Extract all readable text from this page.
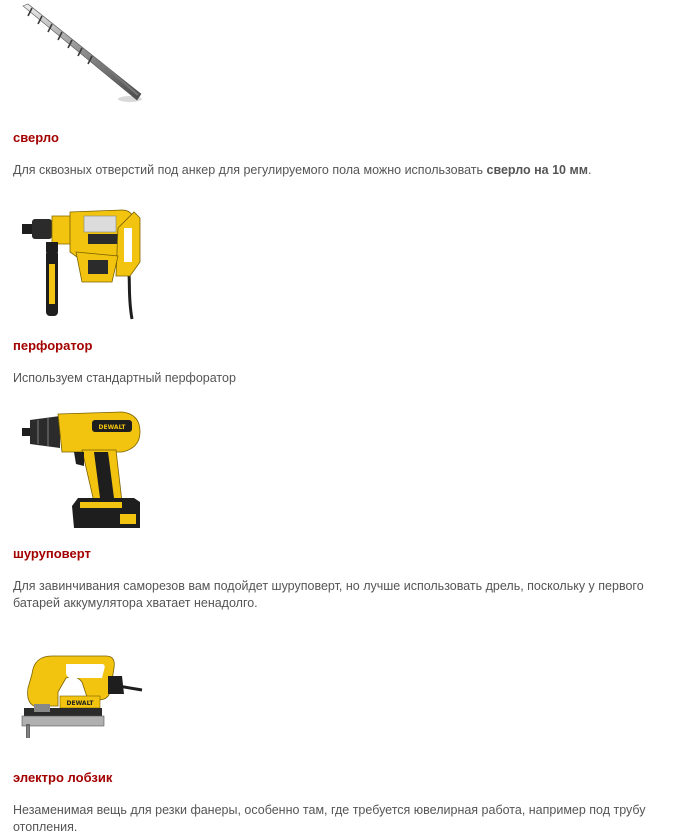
сверло

Для сквозных отверстий под анкер для регулируемого пола можно использовать сверло на 10 мм.

перфоратор

Используем стандартный перфоратор

DEWALT
шуруповерт

Для завинчивания саморезов вам подойдет шуруповерт, но лучше использовать дрель, поскольку у первого
батарей аккумулятора хватает ненадолго.

DEWALT
электро лобзик

Незаменимая вещь для резки фанеры, особенно там, где требуется ювелирная работа, например под трубу
отопления.
